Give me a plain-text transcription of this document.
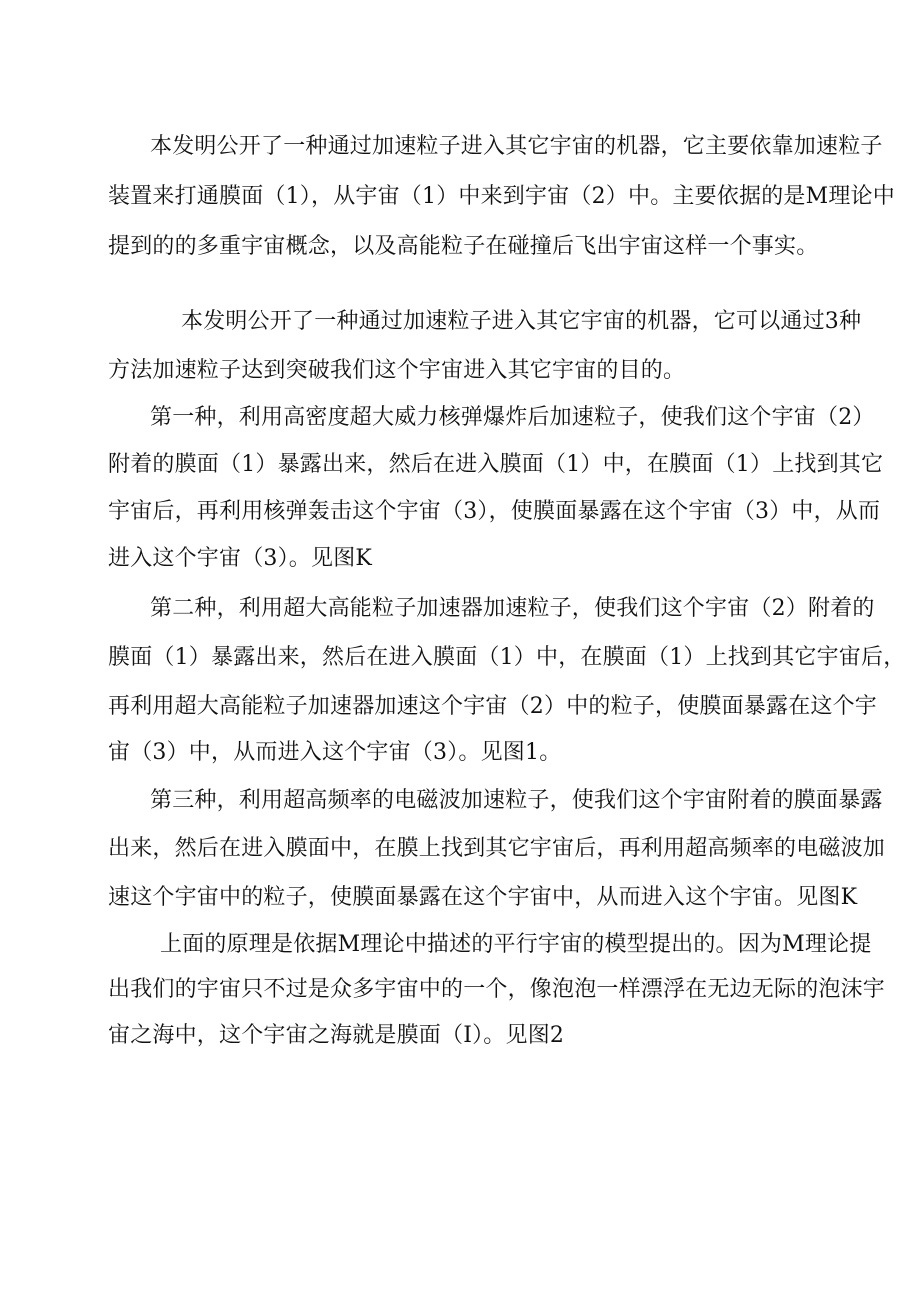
本发明公开了一种通过加速粒子进入其它宇宙的机器，它主要依靠加速粒子
装置来打通膜面（1），从宇宙（1）中来到宇宙（2）中。主要依据的是M理论中
提到的的多重宇宙概念，以及高能粒子在碰撞后飞出宇宙这样一个事实。
本发明公开了一种通过加速粒子进入其它宇宙的机器，它可以通过3种
方法加速粒子达到突破我们这个宇宙进入其它宇宙的目的。
第一种，利用高密度超大威力核弹爆炸后加速粒子，使我们这个宇宙（2）
附着的膜面（1）暴露出来，然后在进入膜面（1）中，在膜面（1）上找到其它
宇宙后，再利用核弹轰击这个宇宙（3），使膜面暴露在这个宇宙（3）中，从而
进入这个宇宙（3）。见图K
第二种，利用超大高能粒子加速器加速粒子，使我们这个宇宙（2）附着的
膜面（1）暴露出来，然后在进入膜面（1）中，在膜面（1）上找到其它宇宙后，
再利用超大高能粒子加速器加速这个宇宙（2）中的粒子，使膜面暴露在这个宇
宙（3）中，从而进入这个宇宙（3）。见图1。
第三种，利用超高频率的电磁波加速粒子，使我们这个宇宙附着的膜面暴露
出来，然后在进入膜面中，在膜上找到其它宇宙后，再利用超高频率的电磁波加
速这个宇宙中的粒子，使膜面暴露在这个宇宙中，从而进入这个宇宙。见图K
上面的原理是依据M理论中描述的平行宇宙的模型提出的。因为M理论提
出我们的宇宙只不过是众多宇宙中的一个，像泡泡一样漂浮在无边无际的泡沫宇
宙之海中，这个宇宙之海就是膜面（I）。见图2
